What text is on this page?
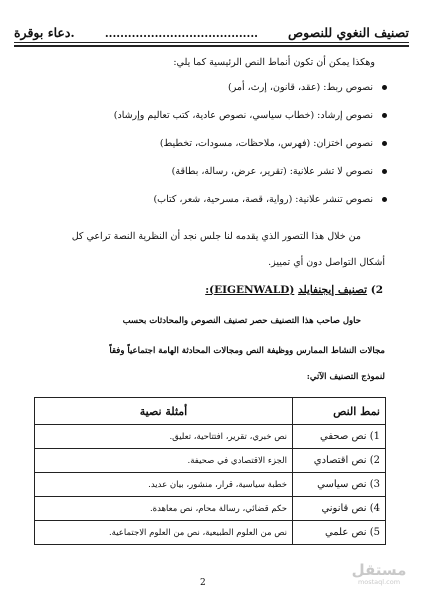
تصنيف النغوي للنصوص
........................................
.دعاء بوقرة
وهكذا يمكن أن تكون أنماط النص الرئيسية كما يلي:
نصوص ربط: (عقد، قانون، إرث، أمر)
نصوص إرشاد: (خطاب سياسي، نصوص عادية، كتب تعاليم وإرشاد)
نصوص اختزان: (فهرس، ملاحظات، مسودات، تخطيط)
نصوص لا تشر علانية: (تقرير، عرض، رسالة، بطاقة)
نصوص تنشر علانية: (رواية، قصة، مسرحية، شعر، كتاب)
من خلال هذا التصور الذي يقدمه لنا جلس نجد أن النظرية النصة تراعي كل
أشكال التواصل دون أي تمييز.
2) تصنيف إيجنفايلد (EIGENWALD):
حاول صاحب هذا التصنيف حصر تصنيف النصوص والمحادثات بحسب
مجالات النشاط الممارس ووظيفة النص ومجالات المحادثة الهامة اجتماعياً وفقاً
لنموذج التصنيف الآتي:
نمط النص	أمثلة نصية
1) نص صحفي	نص خبري، تقرير، افتتاحية، تعليق.
2) نص اقتصادي	الجزء الاقتصادي في صحيفة.
3) نص سياسي	خطبة سياسية، قرار، منشور، بيان عديد.
4) نص قانوني	حكم قضائي، رسالة محام، نص معاهدة.
5) نص علمي	نص من العلوم الطبيعية، نص من العلوم الاجتماعية.
2
مستقل
mostaql.com
